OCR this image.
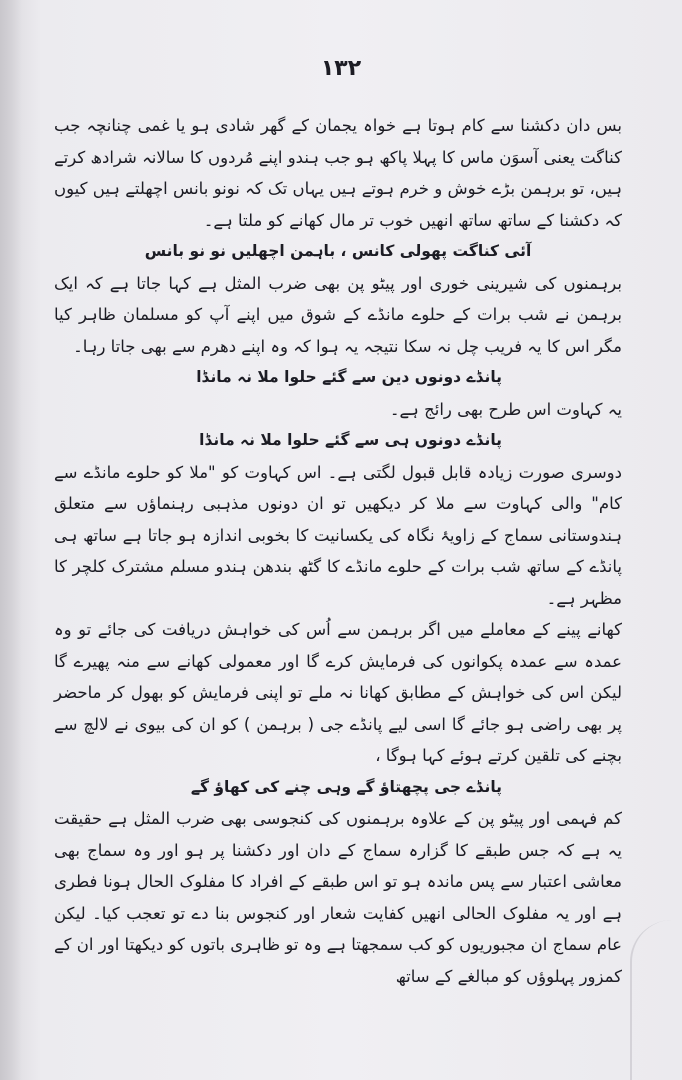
۱۳۲

بس دان دکشنا سے کام ہوتا ہے خواہ یجمان کے گھر شادی ہو یا غمی چنانچہ جب کناگت یعنی آسوَن ماس کا پہلا پاکھ ہو جب ہندو اپنے مُردوں کا سالانہ شرادھ کرتے ہیں، تو برہمن بڑے خوش و خرم ہوتے ہیں یہاں تک کہ نونو بانس اچھلتے ہیں کیوں کہ دکشنا کے ساتھ ساتھ انھیں خوب تر مال کھانے کو ملتا ہے۔

آئی کناگت پھولی کانس ، باہمن اچھلیں نو نو بانس

برہمنوں کی شیرینی خوری اور پیٹو پن بھی ضرب المثل ہے کہا جاتا ہے کہ ایک برہمن نے شب برات کے حلوے مانڈے کے شوق میں اپنے آپ کو مسلمان ظاہر کیا مگر اس کا یہ فریب چل نہ سکا نتیجہ یہ ہوا کہ وہ اپنے دھرم سے بھی جاتا رہا۔

پانڈے دونوں دین سے گئے حلوا ملا نہ مانڈا

یہ کہاوت اس طرح بھی رائج ہے۔

پانڈے دونوں ہی سے گئے حلوا ملا نہ مانڈا

دوسری صورت زیادہ قابل قبول لگتی ہے۔ اس کہاوت کو "ملا کو حلوے مانڈے سے کام" والی کہاوت سے ملا کر دیکھیں تو ان دونوں مذہبی رہنماؤں سے متعلق ہندوستانی سماج کے زاویۂ نگاہ کی یکسانیت کا بخوبی اندازہ ہو جاتا ہے ساتھ ہی پانڈے کے ساتھ شب برات کے حلوے مانڈے کا گٹھ بندھن ہندو مسلم مشترک کلچر کا مظہر ہے۔

کھانے پینے کے معاملے میں اگر برہمن سے اُس کی خواہش دریافت کی جائے تو وہ عمدہ سے عمدہ پکوانوں کی فرمایش کرے گا اور معمولی کھانے سے منہ پھیرے گا لیکن اس کی خواہش کے مطابق کھانا نہ ملے تو اپنی فرمایش کو بھول کر ماحضر پر بھی راضی ہو جائے گا اسی لیے پانڈے جی ( برہمن ) کو ان کی بیوی نے لالچ سے بچنے کی تلقین کرتے ہوئے کہا ہوگا ،

پانڈے جی پچھتاؤ گے وہی چنے کی کھاؤ گے

کم فہمی اور پیٹو پن کے علاوہ برہمنوں کی کنجوسی بھی ضرب المثل ہے حقیقت یہ ہے کہ جس طبقے کا گزارہ سماج کے دان اور دکشنا پر ہو اور وہ سماج بھی معاشی اعتبار سے پس ماندہ ہو تو اس طبقے کے افراد کا مفلوک الحال ہونا فطری ہے اور یہ مفلوک الحالی انھیں کفایت شعار اور کنجوس بنا دے تو تعجب کیا۔ لیکن عام سماج ان مجبوریوں کو کب سمجھتا ہے وہ تو ظاہری باتوں کو دیکھتا اور ان کے کمزور پہلوؤں کو مبالغے کے ساتھ
